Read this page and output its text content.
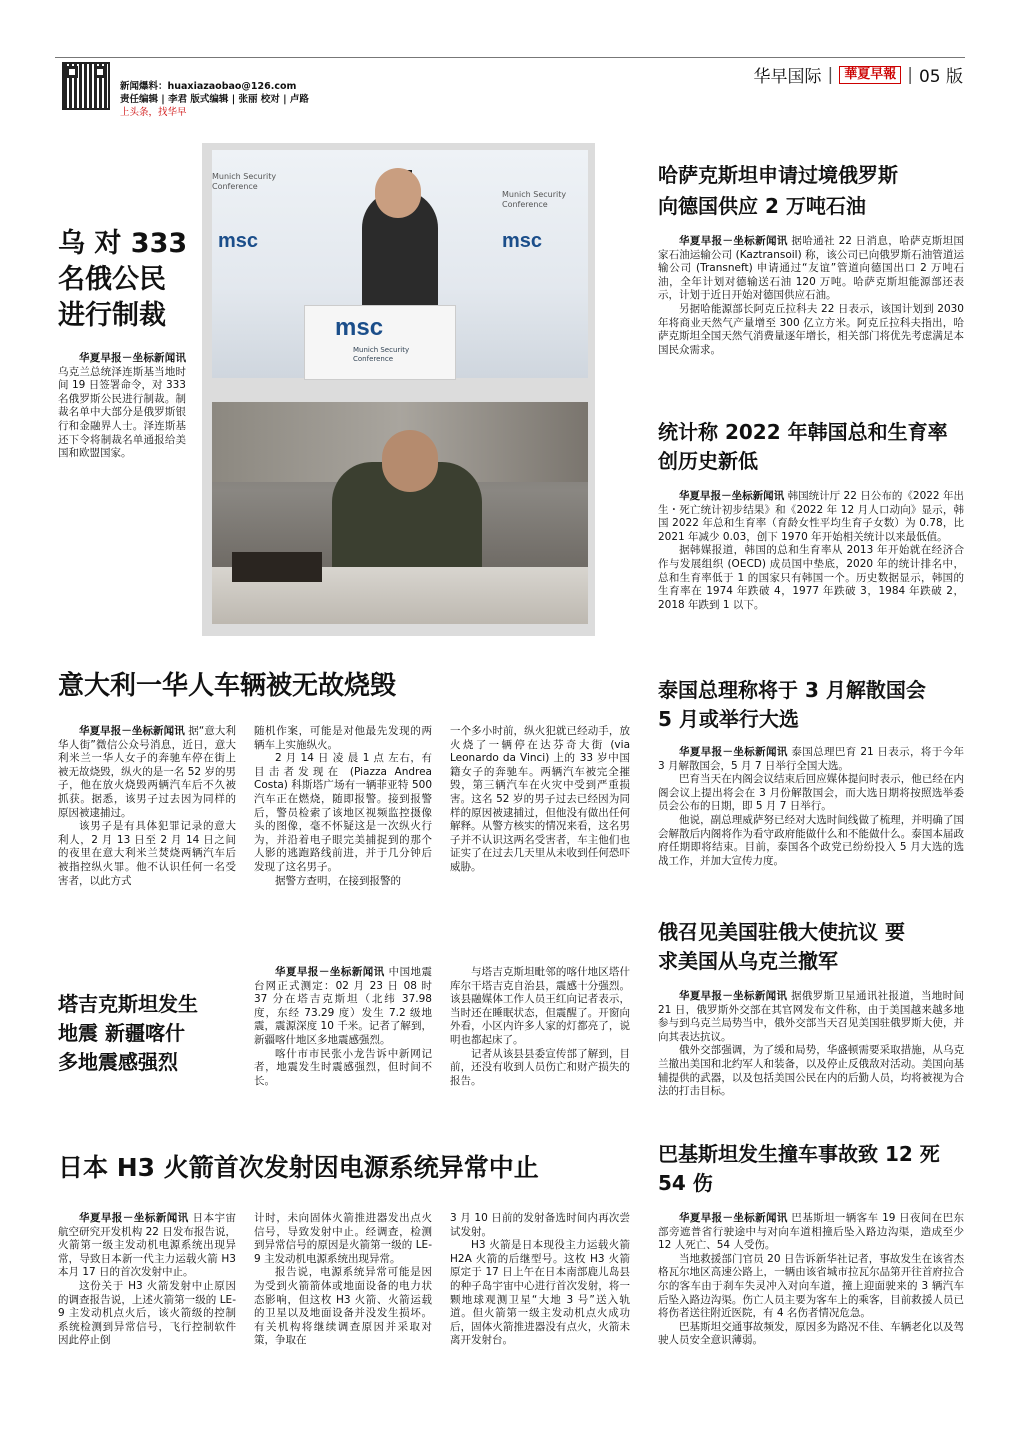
新闻爆料：huaxiazaobao@126.com
责任编辑 | 李君 版式编辑 | 张丽 校对 | 卢路
上头条，找华早
华早国际 | 華夏早報 | 05 版
Munich Security Conference
msc	msc
Munich Security Conference
msc
Munich Security Conference
乌 对 333
名俄公民
进行制裁

华夏早报－坐标新闻讯 乌克兰总统泽连斯基当地时间 19 日签署命令，对 333 名俄罗斯公民进行制裁。制裁名单中大部分是俄罗斯银行和金融界人士。泽连斯基还下令将制裁名单通报给美国和欧盟国家。

哈萨克斯坦申请过境俄罗斯
向德国供应 2 万吨石油

华夏早报－坐标新闻讯 据哈通社 22 日消息，哈萨克斯坦国家石油运输公司 (Kaztransoil) 称，该公司已向俄罗斯石油管道运输公司 (Transneft) 申请通过“友谊”管道向德国出口 2 万吨石油，全年计划对德输送石油 120 万吨。哈萨克斯坦能源部还表示，计划于近日开始对德国供应石油。

另据哈能源部长阿克丘拉科夫 22 日表示，该国计划到 2030 年将商业天然气产量增至 300 亿立方米。阿克丘拉科夫指出，哈萨克斯坦全国天然气消费量逐年增长，相关部门将优先考虑满足本国民众需求。

统计称 2022 年韩国总和生育率
创历史新低

华夏早报－坐标新闻讯 韩国统计厅 22 日公布的《2022 年出生・死亡统计初步结果》和《2022 年 12 月人口动向》显示，韩国 2022 年总和生育率（育龄女性平均生育子女数）为 0.78，比 2021 年减少 0.03，创下 1970 年开始相关统计以来最低值。

据韩媒报道，韩国的总和生育率从 2013 年开始就在经济合作与发展组织 (OECD) 成员国中垫底，2020 年的统计排名中，总和生育率低于 1 的国家只有韩国一个。历史数据显示，韩国的生育率在 1974 年跌破 4，1977 年跌破 3，1984 年跌破 2，2018 年跌到 1 以下。

意大利一华人车辆被无故烧毁

华夏早报－坐标新闻讯 据“意大利华人街”微信公众号消息，近日，意大利米兰一华人女子的奔驰车停在街上被无故烧毁，纵火的是一名 52 岁的男子，他在放火烧毁两辆汽车后不久被抓获。据悉，该男子过去因为同样的原因被逮捕过。

该男子是有具体犯罪记录的意大利人，2 月 13 日至 2 月 14 日之间的夜里在意大利米兰焚烧两辆汽车后被指控纵火罪。他不认识任何一名受害者，以此方式

随机作案，可能是对他最先发现的两辆车上实施纵火。

2 月 14 日 凌 晨 1 点 左右，有目击者发现在 (Piazza Andrea Costa) 科斯塔广场有一辆菲亚特 500 汽车正在燃烧，随即报警。接到报警后，警员检索了该地区视频监控摄像头的图像，毫不怀疑这是一次纵火行为，并沿着电子眼完美捕捉到的那个人影的逃跑路线前进，并于几分钟后发现了这名男子。

据警方查明，在接到报警的

一个多小时前，纵火犯就已经动手，放火烧了一辆停在达芬奇大街 (via Leonardo da Vinci) 上的 33 岁中国籍女子的奔驰车。两辆汽车被完全摧毁，第三辆汽车在火灾中受到严重损害。这名 52 岁的男子过去已经因为同样的原因被逮捕过，但他没有做出任何解释。从警方核实的情况来看，这名男子并不认识这两名受害者，车主他们也证实了在过去几天里从未收到任何恐吓威胁。

泰国总理称将于 3 月解散国会
5 月或举行大选

华夏早报－坐标新闻讯 泰国总理巴育 21 日表示，将于今年 3 月解散国会，5 月 7 日举行全国大选。

巴育当天在内阁会议结束后回应媒体提问时表示，他已经在内阁会议上提出将会在 3 月份解散国会，而大选日期将按照选举委员会公布的日期，即 5 月 7 日举行。

他说，副总理威萨努已经对大选时间线做了梳理，并明确了国会解散后内阁将作为看守政府能做什么和不能做什么。泰国本届政府任期即将结束。目前，泰国各个政党已纷纷投入 5 月大选的选战工作，并加大宣传力度。

俄召见美国驻俄大使抗议 要
求美国从乌克兰撤军

华夏早报－坐标新闻讯 据俄罗斯卫星通讯社报道，当地时间 21 日，俄罗斯外交部在其官网发布文件称，由于美国越来越多地参与到乌克兰局势当中，俄外交部当天召见美国驻俄罗斯大使，并向其表达抗议。

俄外交部强调，为了缓和局势，华盛顿需要采取措施，从乌克兰撤出美国和北约军人和装备，以及停止反俄敌对活动。美国向基辅提供的武器，以及包括美国公民在内的后勤人员，均将被视为合法的打击目标。

塔吉克斯坦发生
地震 新疆喀什
多地震感强烈

华夏早报－坐标新闻讯 中国地震台网正式测定：02 月 23 日 08 时 37 分在塔吉克斯坦（北纬 37.98 度，东经 73.29 度）发生 7.2 级地震，震源深度 10 千米。记者了解到，新疆喀什地区多地震感强烈。

喀什市市民张小龙告诉中新网记者，地震发生时震感强烈，但时间不长。

与塔吉克斯坦毗邻的喀什地区塔什库尔干塔吉克自治县，震感十分强烈。该县融媒体工作人员王红向记者表示，当时还在睡眠状态，但震醒了。开窗向外看，小区内许多人家的灯都亮了，说明也都起床了。

记者从该县县委宣传部了解到，目前，还没有收到人员伤亡和财产损失的报告。

日本 H3 火箭首次发射因电源系统异常中止

华夏早报－坐标新闻讯 日本宇宙航空研究开发机构 22 日发布报告说，火箭第一级主发动机电源系统出现异常，导致日本新一代主力运载火箭 H3 本月 17 日的首次发射中止。

这份关于 H3 火箭发射中止原因的调查报告说，上述火箭第一级的 LE-9 主发动机点火后，该火箭级的控制系统检测到异常信号，飞行控制软件因此停止倒

计时，未向固体火箭推进器发出点火信号，导致发射中止。经调查，检测到异常信号的原因是火箭第一级的 LE-9 主发动机电源系统出现异常。

报告说，电源系统异常可能是因为受到火箭箭体或地面设备的电力状态影响，但这枚 H3 火箭、火箭运载的卫星以及地面设备并没发生损坏。有关机构将继续调查原因并采取对策，争取在

3 月 10 日前的发射备选时间内再次尝试发射。

H3 火箭是日本现役主力运载火箭 H2A 火箭的后继型号。这枚 H3 火箭原定于 17 日上午在日本南部鹿儿岛县的种子岛宇宙中心进行首次发射，将一颗地球观测卫星“大地 3 号”送入轨道。但火箭第一级主发动机点火成功后，固体火箭推进器没有点火，火箭未离开发射台。

巴基斯坦发生撞车事故致 12 死
54 伤

华夏早报－坐标新闻讯 巴基斯坦一辆客车 19 日夜间在巴东部旁遮普省行驶途中与对向车道相撞后坠入路边沟渠，造成至少 12 人死亡、54 人受伤。

当地救援部门官员 20 日告诉新华社记者，事故发生在该省杰格瓦尔地区高速公路上，一辆由该省城市拉瓦尔品第开往首府拉合尔的客车由于刹车失灵冲入对向车道，撞上迎面驶来的 3 辆汽车后坠入路边沟渠。伤亡人员主要为客车上的乘客，目前救援人员已将伤者送往附近医院，有 4 名伤者情况危急。

巴基斯坦交通事故频发，原因多为路况不佳、车辆老化以及驾驶人员安全意识薄弱。
